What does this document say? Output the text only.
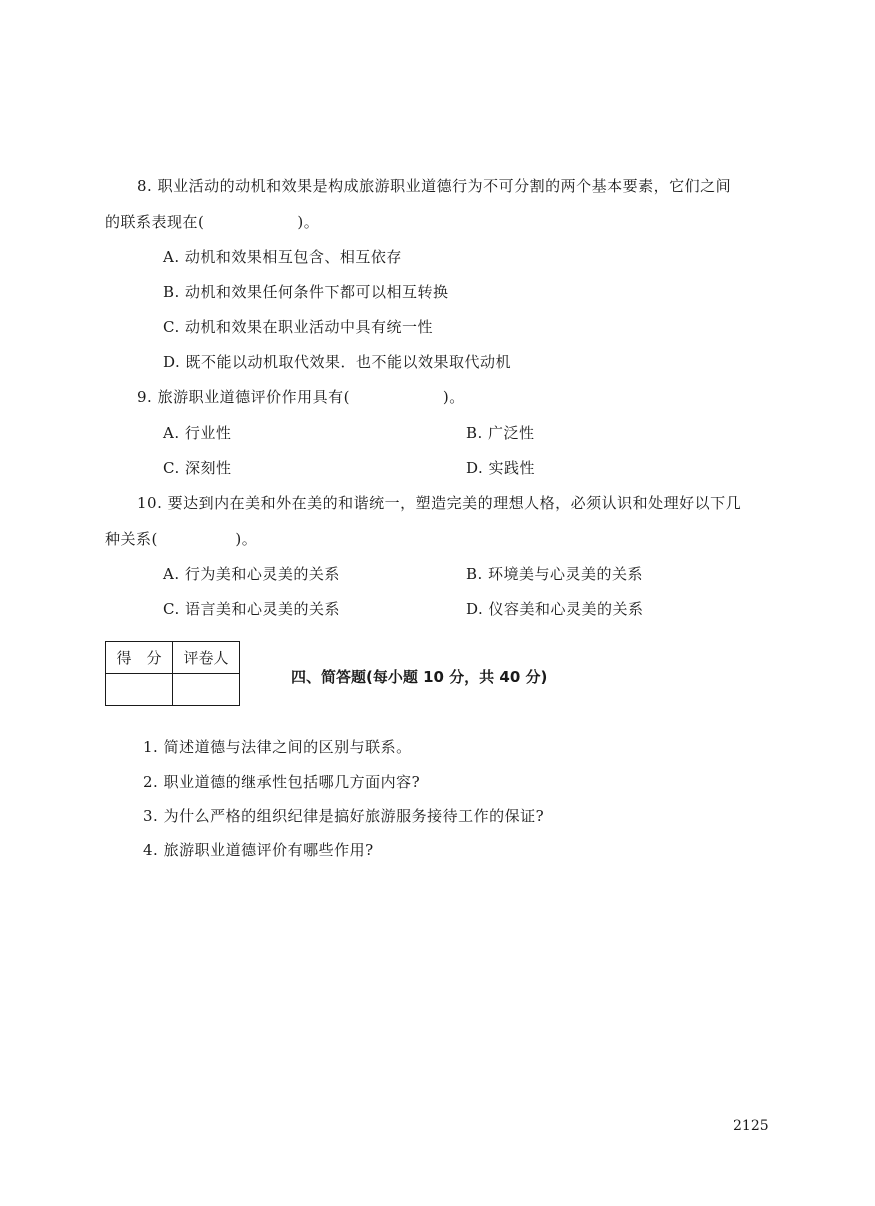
8. 职业活动的动机和效果是构成旅游职业道德行为不可分割的两个基本要素，它们之间
的联系表现在(　　　　　　)。
A. 动机和效果相互包含、相互依存
B. 动机和效果任何条件下都可以相互转换
C. 动机和效果在职业活动中具有统一性
D. 既不能以动机取代效果．也不能以效果取代动机
9. 旅游职业道德评价作用具有(　　　　　　)。
A. 行业性	B. 广泛性
C. 深刻性	D. 实践性
10. 要达到内在美和外在美的和谐统一，塑造完美的理想人格，必须认识和处理好以下几
种关系(　　　　　)。
A. 行为美和心灵美的关系	B. 环境美与心灵美的关系
C. 语言美和心灵美的关系	D. 仪容美和心灵美的关系
得　分	评卷人

四、简答题(每小题 10 分，共 40 分)
1. 简述道德与法律之间的区别与联系。
2. 职业道德的继承性包括哪几方面内容?
3. 为什么严格的组织纪律是搞好旅游服务接待工作的保证?
4. 旅游职业道德评价有哪些作用?
2125
